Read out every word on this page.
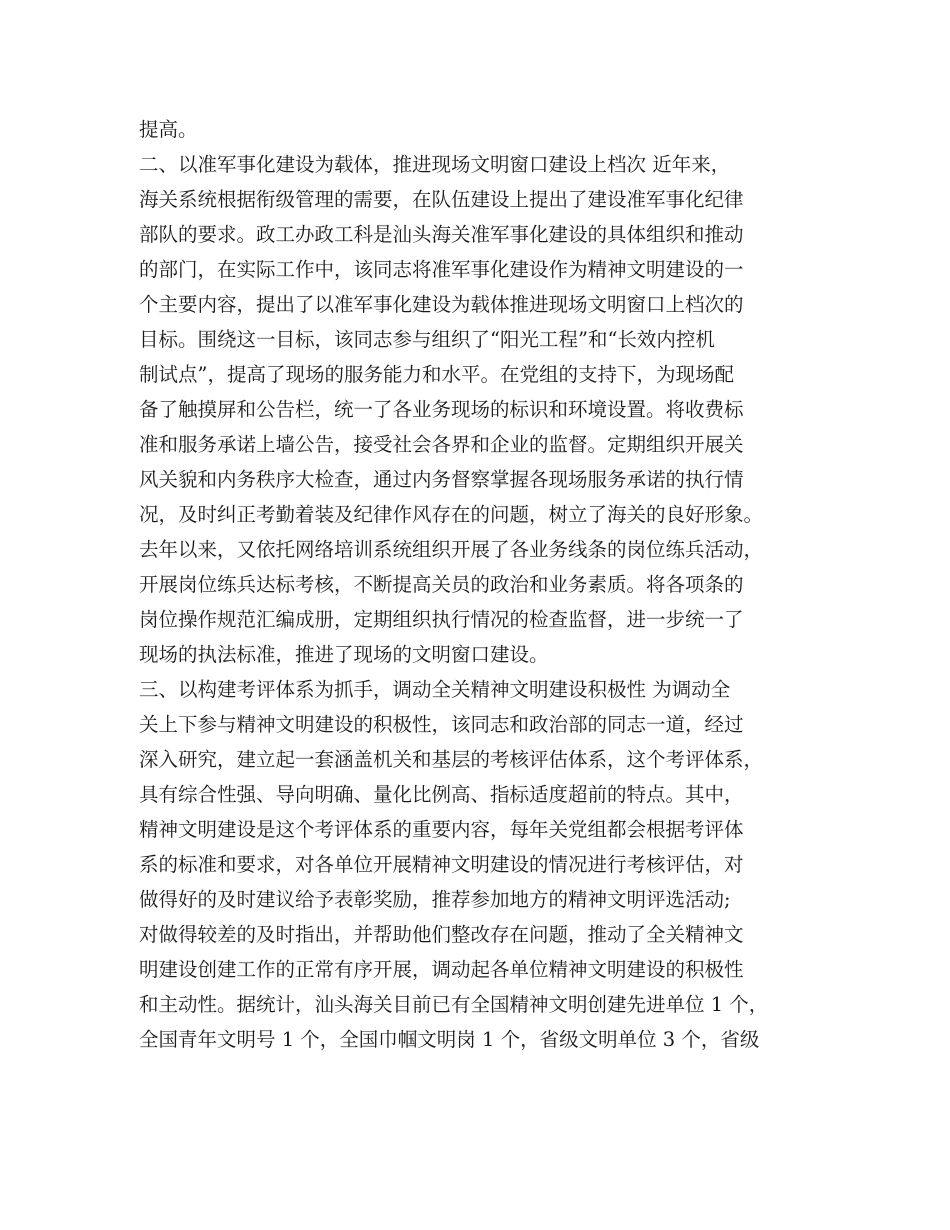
提高。
二、以准军事化建设为载体，推进现场文明窗口建设上档次 近年来，
海关系统根据衔级管理的需要，在队伍建设上提出了建设准军事化纪律
部队的要求。政工办政工科是汕头海关准军事化建设的具体组织和推动
的部门，在实际工作中，该同志将准军事化建设作为精神文明建设的一
个主要内容，提出了以准军事化建设为载体推进现场文明窗口上档次的
目标。围绕这一目标，该同志参与组织了“阳光工程”和“长效内控机
制试点”，提高了现场的服务能力和水平。在党组的支持下，为现场配
备了触摸屏和公告栏，统一了各业务现场的标识和环境设置。将收费标
准和服务承诺上墙公告，接受社会各界和企业的监督。定期组织开展关
风关貌和内务秩序大检查，通过内务督察掌握各现场服务承诺的执行情
况，及时纠正考勤着装及纪律作风存在的问题，树立了海关的良好形象。
去年以来，又依托网络培训系统组织开展了各业务线条的岗位练兵活动，
开展岗位练兵达标考核，不断提高关员的政治和业务素质。将各项条的
岗位操作规范汇编成册，定期组织执行情况的检查监督，进一步统一了
现场的执法标准，推进了现场的文明窗口建设。
三、以构建考评体系为抓手，调动全关精神文明建设积极性 为调动全
关上下参与精神文明建设的积极性，该同志和政治部的同志一道，经过
深入研究，建立起一套涵盖机关和基层的考核评估体系，这个考评体系，
具有综合性强、导向明确、量化比例高、指标适度超前的特点。其中，
精神文明建设是这个考评体系的重要内容，每年关党组都会根据考评体
系的标准和要求，对各单位开展精神文明建设的情况进行考核评估，对
做得好的及时建议给予表彰奖励，推荐参加地方的精神文明评选活动;
对做得较差的及时指出，并帮助他们整改存在问题，推动了全关精神文
明建设创建工作的正常有序开展，调动起各单位精神文明建设的积极性
和主动性。据统计，汕头海关目前已有全国精神文明创建先进单位 1 个，
全国青年文明号 1 个，全国巾帼文明岗 1 个，省级文明单位 3 个，省级
